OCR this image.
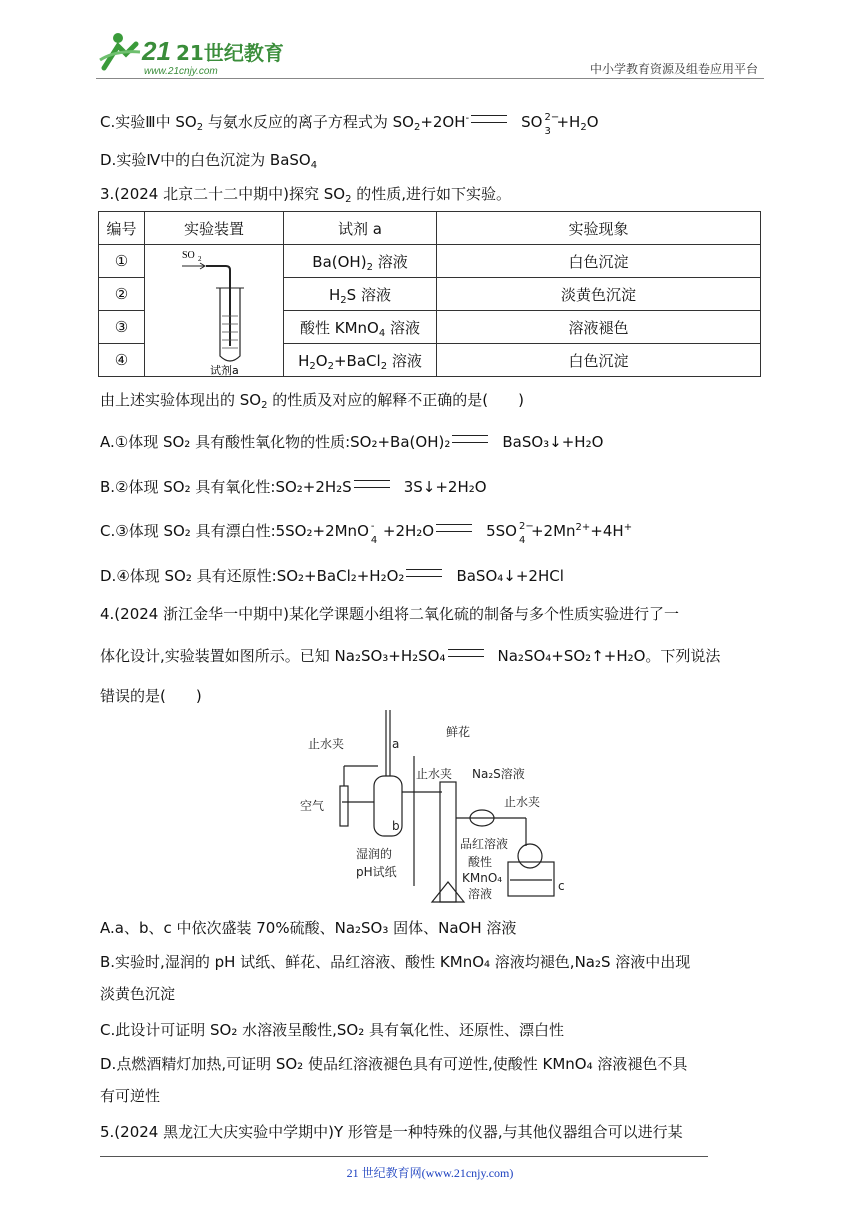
21 21世纪教育
www.21cnjy.com	中小学教育资源及组卷应用平台
C.实验Ⅲ中 $SO_2$ 与氨水反应的离子方程式为 $SO_2+2OH^-$	SO 2−
3
$+H_2O$
D.实验Ⅳ中的白色沉淀为 BaSO$_4$
3.(2024 北京二十二中期中)探究 $SO_2$ 的性质,进行如下实验。
编号	实验装置	试剂 a	实验现象
①		$Ba(OH)_2$ 溶液	白色沉淀
②		$H_2S$ 溶液	淡黄色沉淀
③		酸性 KMnO$_4$ 溶液	溶液褪色
④		$H_2O_2+BaCl_2$ 溶液	白色沉淀
SO 2
试剂a
由上述实验体现出的 $SO_2$ 的性质及对应的解释不正确的是(　　)
A.①体现 SO₂ 具有酸性氧化物的性质:SO₂+Ba(OH)₂	BaSO₃↓+H₂O
B.②体现 SO₂ 具有氧化性:SO₂+2H₂S	3S↓+2H₂O
C.③体现 SO₂ 具有漂白性:5SO₂+2MnO -
4
+2H₂O	5SO 2−
4
$+2Mn^{2+}+4H^+$
D.④体现 SO₂ 具有还原性:SO₂+BaCl₂+H₂O₂	BaSO₄↓+2HCl
4.(2024 浙江金华一中期中)某化学课题小组将二氧化硫的制备与多个性质实验进行了一
体化设计,实验装置如图所示。已知 Na₂SO₃+H₂SO₄	Na₂SO₄+SO₂↑+H₂O。下列说法
错误的是(　　)
止水夹	a
鲜花
止水夹 Na₂S溶液
止水夹
空气
b
品红溶液
酸性
KMnO₄
溶液
湿润的
pH试纸
c
A.a、b、c 中依次盛装 70%硫酸、Na₂SO₃ 固体、NaOH 溶液
B.实验时,湿润的 pH 试纸、鲜花、品红溶液、酸性 KMnO₄ 溶液均褪色,Na₂S 溶液中出现
淡黄色沉淀
C.此设计可证明 SO₂ 水溶液呈酸性,SO₂ 具有氧化性、还原性、漂白性
D.点燃酒精灯加热,可证明 SO₂ 使品红溶液褪色具有可逆性,使酸性 KMnO₄ 溶液褪色不具
有可逆性
5.(2024 黑龙江大庆实验中学期中)Y 形管是一种特殊的仪器,与其他仪器组合可以进行某
21 世纪教育网(www.21cnjy.com)
